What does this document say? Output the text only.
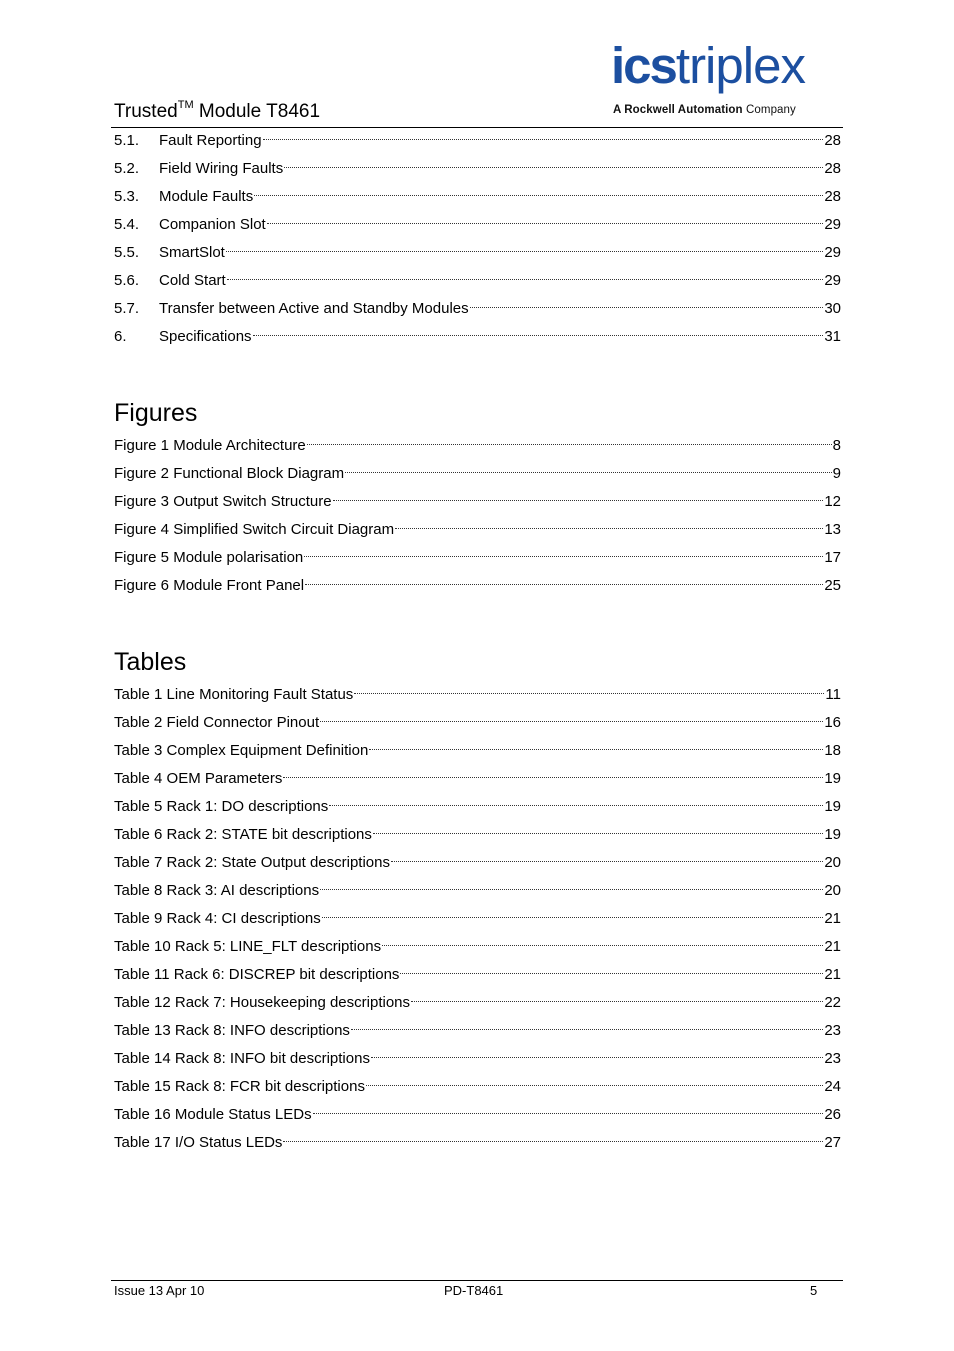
Trusted™ Module T8461
icstriplex
A Rockwell Automation Company
5.1.	Fault Reporting	28
5.2.	Field Wiring Faults	28
5.3.	Module Faults	28
5.4.	Companion Slot	29
5.5.	SmartSlot	29
5.6.	Cold Start	29
5.7.	Transfer between Active and Standby Modules	30
6.	Specifications	31
Figures
Figure 1 Module Architecture	8
Figure 2 Functional Block Diagram	9
Figure 3 Output Switch Structure	12
Figure 4 Simplified Switch Circuit Diagram	13
Figure 5 Module polarisation	17
Figure 6 Module Front Panel	25
Tables
Table 1 Line Monitoring Fault Status	11
Table 2 Field Connector Pinout	16
Table 3 Complex Equipment Definition	18
Table 4 OEM Parameters	19
Table 5 Rack 1: DO descriptions	19
Table 6 Rack 2: STATE bit descriptions	19
Table 7 Rack 2: State Output descriptions	20
Table 8 Rack 3: AI descriptions	20
Table 9 Rack 4: CI descriptions	21
Table 10 Rack 5: LINE_FLT descriptions	21
Table 11 Rack 6: DISCREP bit descriptions	21
Table 12 Rack 7: Housekeeping descriptions	22
Table 13 Rack 8: INFO descriptions	23
Table 14 Rack 8: INFO bit descriptions	23
Table 15 Rack 8: FCR bit descriptions	24
Table 16 Module Status LEDs	26
Table 17 I/O Status LEDs	27
Issue 13 Apr 10	PD-T8461	5
